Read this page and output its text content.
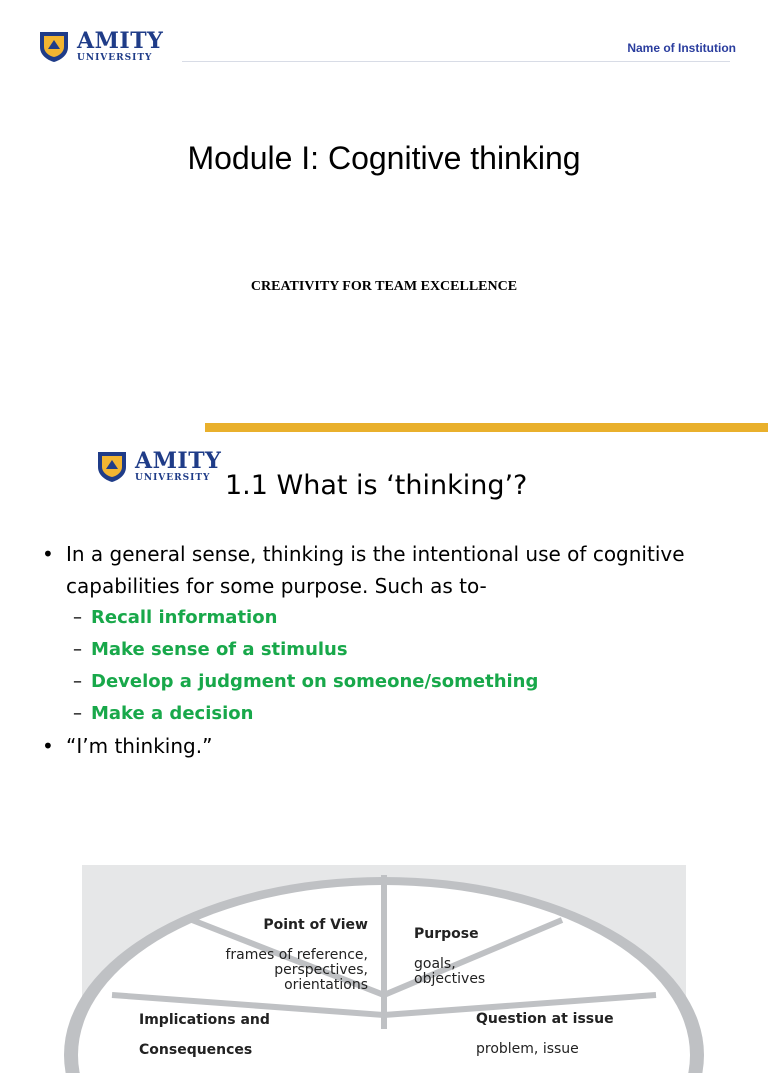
AMITY
UNIVERSITY
Name of Institution
Module I: Cognitive thinking
CREATIVITY FOR TEAM EXCELLENCE
AMITY
UNIVERSITY 1.1 What is ‘thinking’?
• In a general sense, thinking is the intentional use of cognitive capabilities for some purpose. Such as to-
– Recall information
– Make sense of a stimulus
– Develop a judgment on someone/something
– Make a decision
• “I’m thinking.”

Point of View

frames of reference,
perspectives,
orientations

Purpose

goals,
objectives

Implications and

Consequences

Question at issue

problem, issue
